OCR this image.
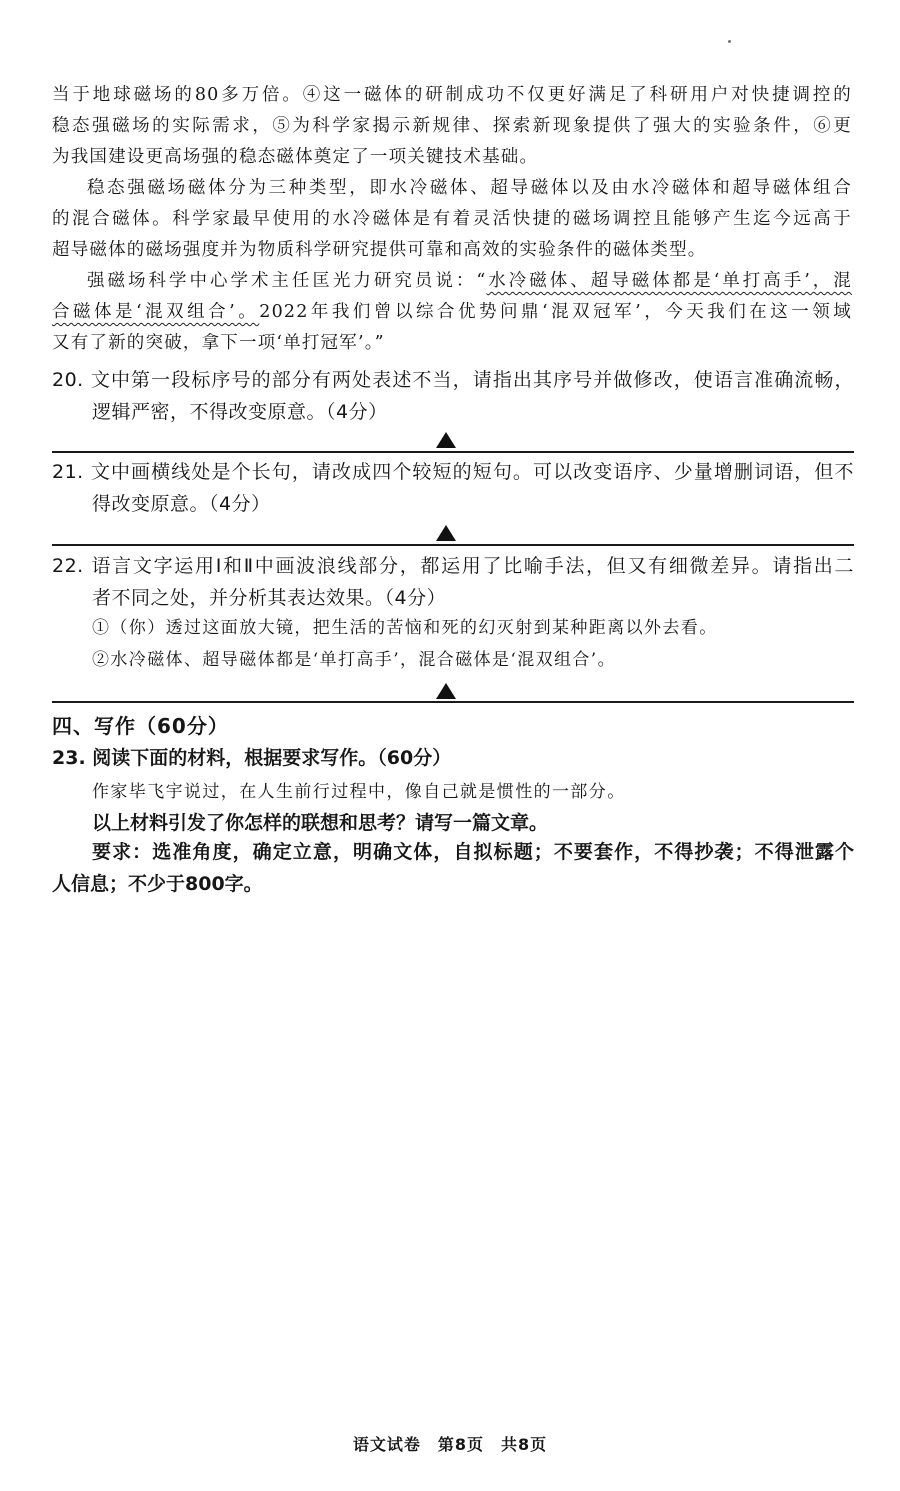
当于地球磁场的80多万倍。④这一磁体的研制成功不仅更好满足了科研用户对快捷调控的

稳态强磁场的实际需求，⑤为科学家揭示新规律、探索新现象提供了强大的实验条件，⑥更

为我国建设更高场强的稳态磁体奠定了一项关键技术基础。

稳态强磁场磁体分为三种类型，即水冷磁体、超导磁体以及由水冷磁体和超导磁体组合

的混合磁体。科学家最早使用的水冷磁体是有着灵活快捷的磁场调控且能够产生迄今远高于

超导磁体的磁场强度并为物质科学研究提供可靠和高效的实验条件的磁体类型。

强磁场科学中心学术主任匡光力研究员说：“水冷磁体、超导磁体都是‘单打高手’，混

合磁体是‘混双组合’。2022年我们曾以综合优势问鼎‘混双冠军’，今天我们在这一领域

又有了新的突破，拿下一项‘单打冠军’。”

20. 文中第一段标序号的部分有两处表述不当，请指出其序号并做修改，使语言准确流畅，
逻辑严密，不得改变原意。（4分）
21. 文中画横线处是个长句，请改成四个较短的短句。可以改变语序、少量增删词语，但不
得改变原意。（4分）
22. 语言文字运用Ⅰ和Ⅱ中画波浪线部分，都运用了比喻手法，但又有细微差异。请指出二
者不同之处，并分析其表达效果。（4分）
①（你）透过这面放大镜，把生活的苦恼和死的幻灭射到某种距离以外去看。
②水冷磁体、超导磁体都是‘单打高手’，混合磁体是‘混双组合’。
四、写作（60分）
23. 阅读下面的材料，根据要求写作。（60分）
作家毕飞宇说过，在人生前行过程中，像自己就是惯性的一部分。
以上材料引发了你怎样的联想和思考？请写一篇文章。
要求：选准角度，确定立意，明确文体，自拟标题；不要套作，不得抄袭；不得泄露个
人信息；不少于800字。
语文试卷　第8页　共8页
